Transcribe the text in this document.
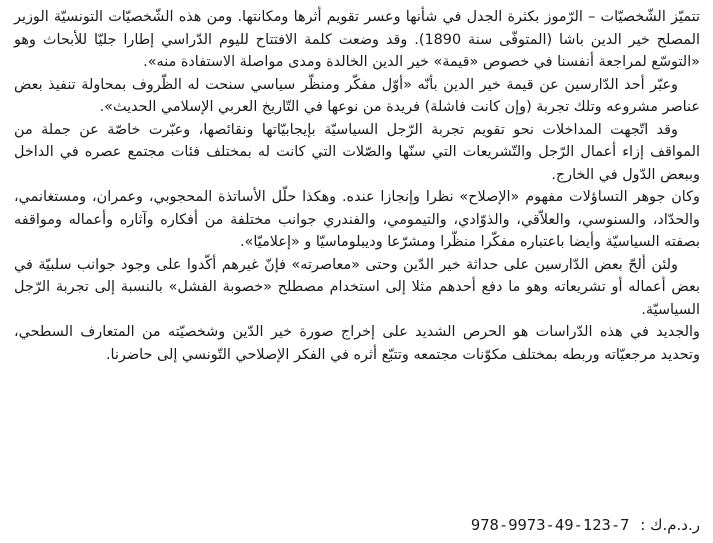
تتميّز الشّخصيّات – الرّموز بكثرة الجدل في شأنها وعسر تقويم أثرها ومكانتها. ومن هذه الشّخصيّات التونسيّة الوزير المصلح خير الدين باشا (المتوفّى سنة 1890). وقد وضعت كلمة الافتتاح لليوم الدّراسي إطارا جليّا للأبحاث وهو «التوسّع لمراجعة أنفسنا في خصوص «قيمة» خير الدين الخالدة ومدى مواصلة الاستفادة منه».

وعبّر أحد الدّارسين عن قيمة خير الدين بأنّه «أوّل مفكّر ومنظّر سياسي سنحت له الظّروف بمحاولة تنفيذ بعض عناصر مشروعه وتلك تجربة (وإن كانت فاشلة) فريدة من نوعها في التّاريخ العربي الإسلامي الحديث».

وقد اتّجهت المداخلات نحو تقويم تجربة الرّجل السياسيّة بإيجابيّاتها ونقائصها، وعبّرت خاصّة عن جملة من المواقف إزاء أعمال الرّجل والتّشريعات التي سنّها والصّلات التي كانت له بمختلف فئات مجتمع عصره في الداخل وببعض الدّول في الخارج.

وكان جوهر التساؤلات مفهوم «الإصلاح» نظرا وإنجازا عنده. وهكذا حلّل الأساتذة المحجوبي، وعمران، ومستغانمي، والحدّاد، والسنوسي، والعلاّقي، والذوّادي، والتيمومي، والفندري جوانب مختلفة من أفكاره وآثاره وأعماله ومواقفه بصفته السياسيّة وأيضا باعتباره مفكّرا منظّرا ومشرّعا وديبلوماسيّا و «إعلاميّا».

ولئن ألحّ بعض الدّارسين على حداثة خير الدّين وحتى «معاصرته» فإنّ غيرهم أكّدوا على وجود جوانب سلبيّة في بعض أعماله أو تشريعاته وهو ما دفع أحدهم مثلا إلى استخدام مصطلح «خصوبة الفشل» بالنسبة إلى تجربة الرّجل السياسيّة.

والجديد في هذه الدّراسات هو الحرص الشديد على إخراج صورة خير الدّين وشخصيّته من المتعارف السطحي، وتحديد مرجعيّاته وربطه بمختلف مكوّنات مجتمعه وتتبّع أثره في الفكر الإصلاحي التّونسي إلى حاضرنا.

ر.د.م.ك : 978-9973-49-123-7
